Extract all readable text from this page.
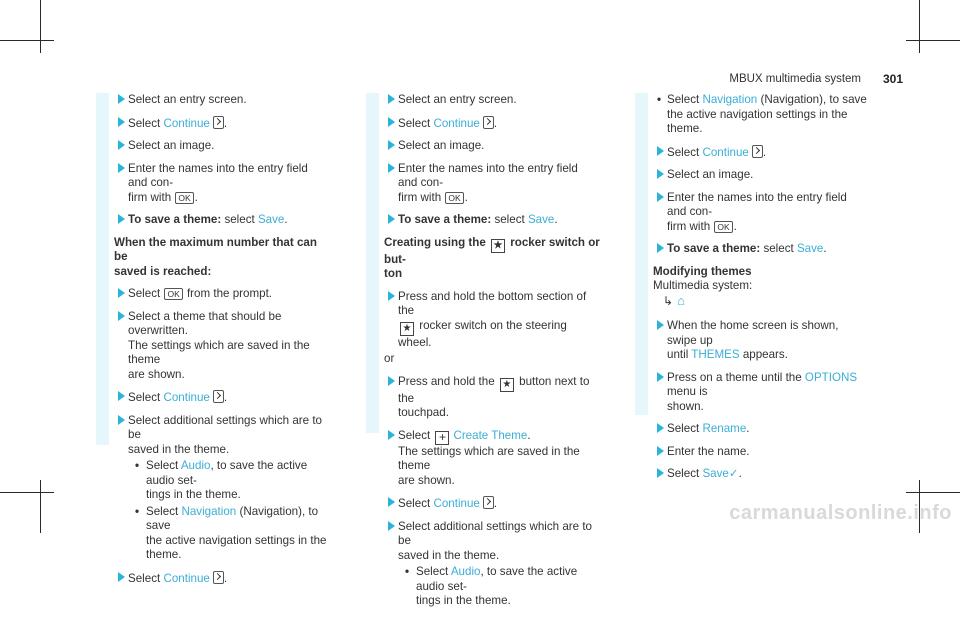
MBUX multimedia system 301
Select an entry screen.
Select Continue .
Select an image.
Enter the names into the entry field and con-
firm with OK .
To save a theme: select Save.
When the maximum number that can be
saved is reached:
Select OK from the prompt.
Select a theme that should be overwritten.
The settings which are saved in the theme
are shown.
Select Continue .
Select additional settings which are to be
saved in the theme.
• Select Audio, to save the active audio set-
tings in the theme.
• Select Navigation (Navigation), to save
the active navigation settings in the
theme.
Select Continue .
Select an entry screen.
Select Continue .
Select an image.
Enter the names into the entry field and con-
firm with OK .
To save a theme: select Save.
Creating using the ★ rocker switch or but-
ton
Press and hold the bottom section of the
★ rocker switch on the steering wheel.
or
Press and hold the ★ button next to the
touchpad.
Select + Create Theme.
The settings which are saved in the theme
are shown.
Select Continue .
Select additional settings which are to be
saved in the theme.
• Select Audio, to save the active audio set-
tings in the theme.
• Select Navigation (Navigation), to save
the active navigation settings in the
theme.
Select Continue .
Select an image.
Enter the names into the entry field and con-
firm with OK .
To save a theme: select Save.
Modifying themes
Multimedia system:
↳ ⌂
When the home screen is shown, swipe up
until THEMES appears.
Press on a theme until the OPTIONS menu is
shown.
Select Rename.
Enter the name.
Select Save✓.
carmanualsonline.info
